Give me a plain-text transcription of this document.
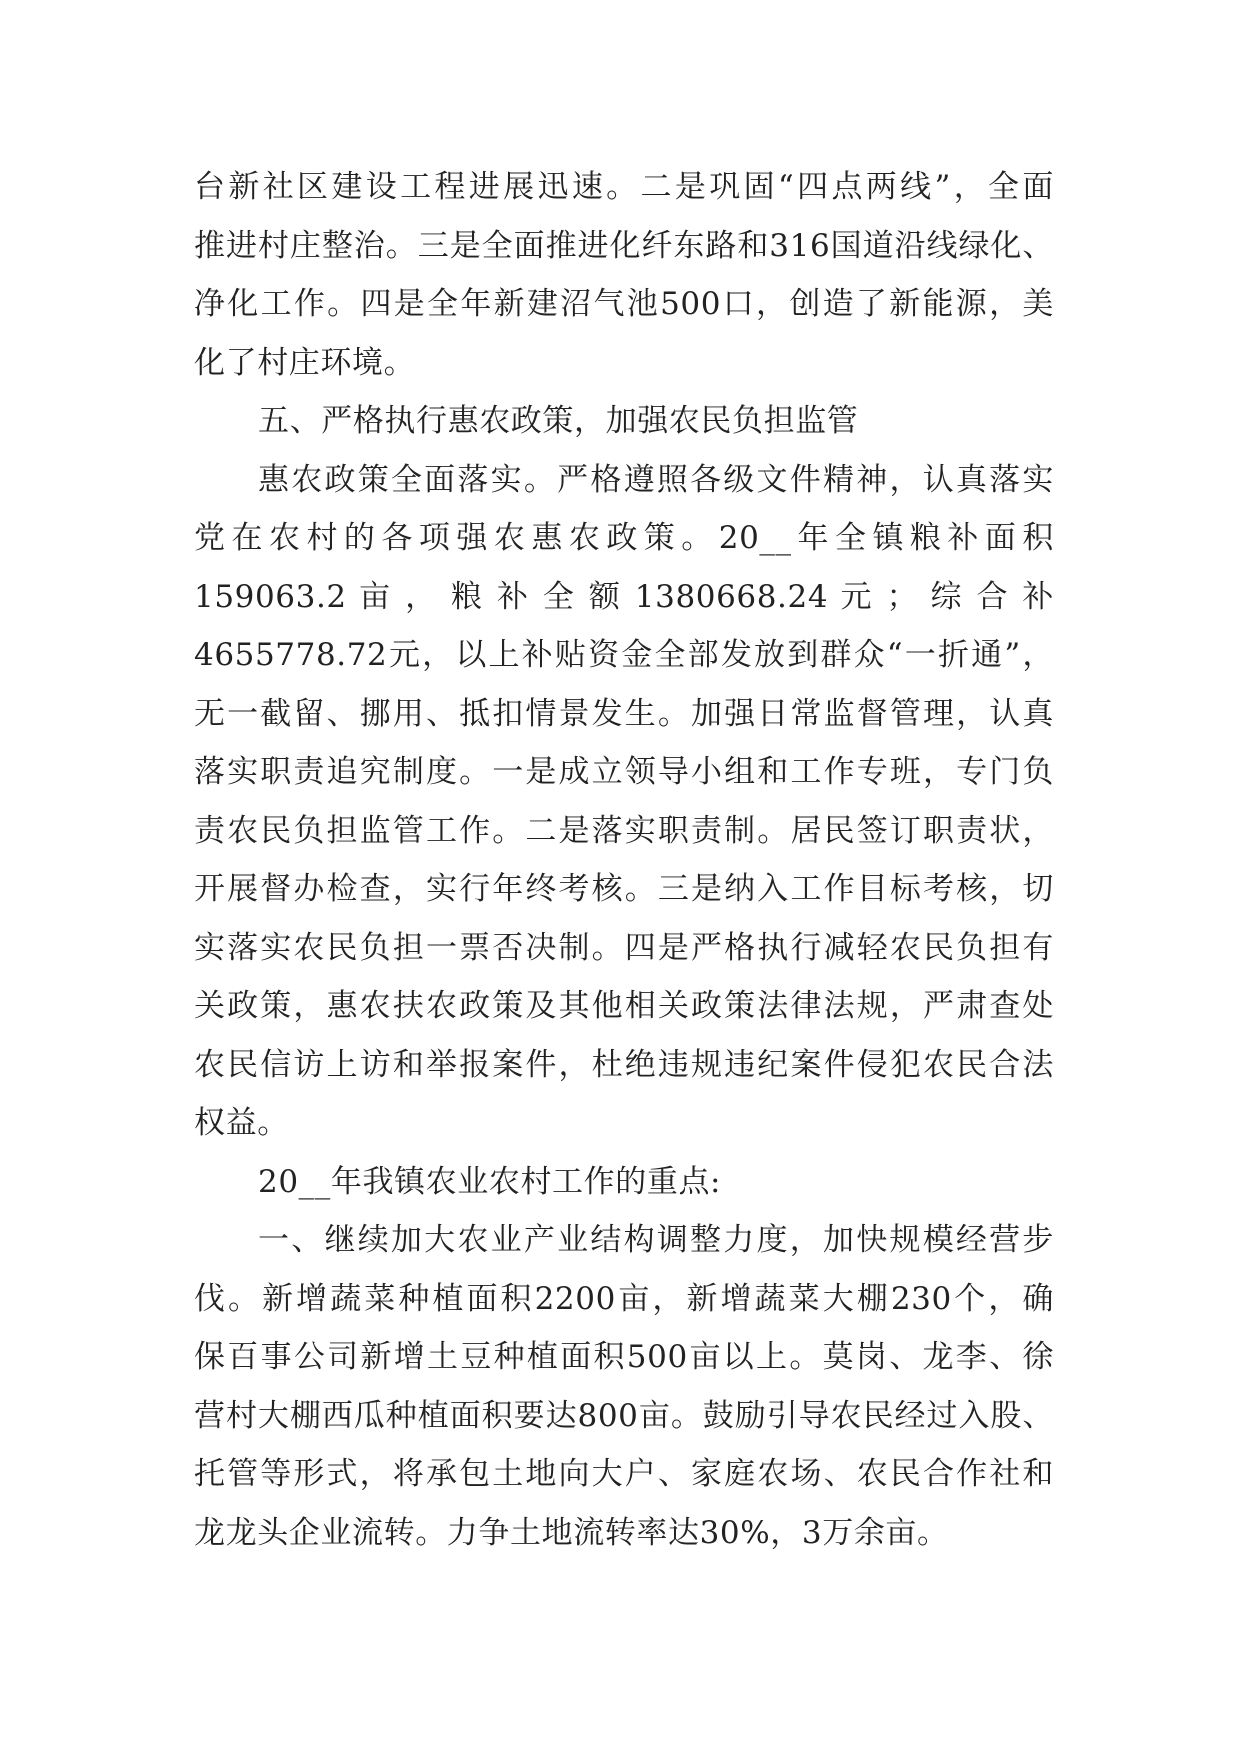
台新社区建设工程进展迅速。二是巩固“四点两线”，全面
推进村庄整治。三是全面推进化纤东路和316国道沿线绿化、
净化工作。四是全年新建沼气池500口，创造了新能源，美
化了村庄环境。
五、严格执行惠农政策，加强农民负担监管
惠农政策全面落实。严格遵照各级文件精神，认真落实
党在农村的各项强农惠农政策。20__年全镇粮补面积
159063.2 亩 ， 粮 补 全 额 1380668.24 元 ； 综 合 补
4655778.72元，以上补贴资金全部发放到群众“一折通”，
无一截留、挪用、抵扣情景发生。加强日常监督管理，认真
落实职责追究制度。一是成立领导小组和工作专班，专门负
责农民负担监管工作。二是落实职责制。居民签订职责状，
开展督办检查，实行年终考核。三是纳入工作目标考核，切
实落实农民负担一票否决制。四是严格执行减轻农民负担有
关政策，惠农扶农政策及其他相关政策法律法规，严肃查处
农民信访上访和举报案件，杜绝违规违纪案件侵犯农民合法
权益。
20__年我镇农业农村工作的重点:
一、继续加大农业产业结构调整力度，加快规模经营步
伐。新增蔬菜种植面积2200亩，新增蔬菜大棚230个，确
保百事公司新增土豆种植面积500亩以上。莫岗、龙李、徐
营村大棚西瓜种植面积要达800亩。鼓励引导农民经过入股、
托管等形式，将承包土地向大户、家庭农场、农民合作社和
龙龙头企业流转。力争土地流转率达30%，3万余亩。
